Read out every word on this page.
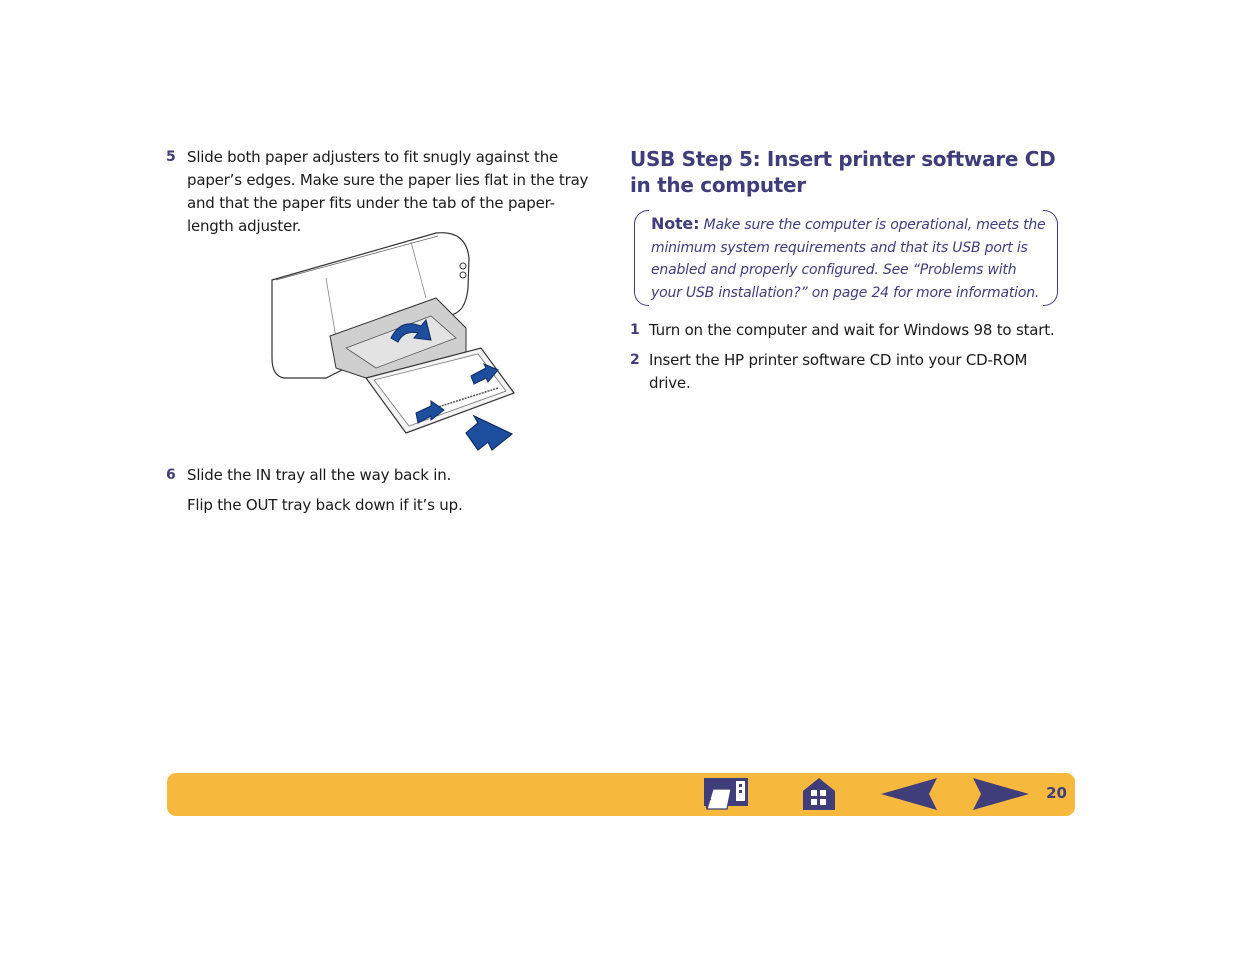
5 Slide both paper adjusters to fit snugly against the paper’s edges. Make sure the paper lies flat in the tray and that the paper fits under the tab of the paper-length adjuster.

6 Slide the IN tray all the way back in.

Flip the OUT tray back down if it’s up.

USB Step 5: Insert printer software CD in the computer
Note: Make sure the computer is operational, meets the minimum system requirements and that its USB port is enabled and properly configured. See “Problems with your USB installation?” on page 24 for more information.

1 Turn on the computer and wait for Windows 98 to start.

2 Insert the HP printer software CD into your CD-ROM drive.

20
